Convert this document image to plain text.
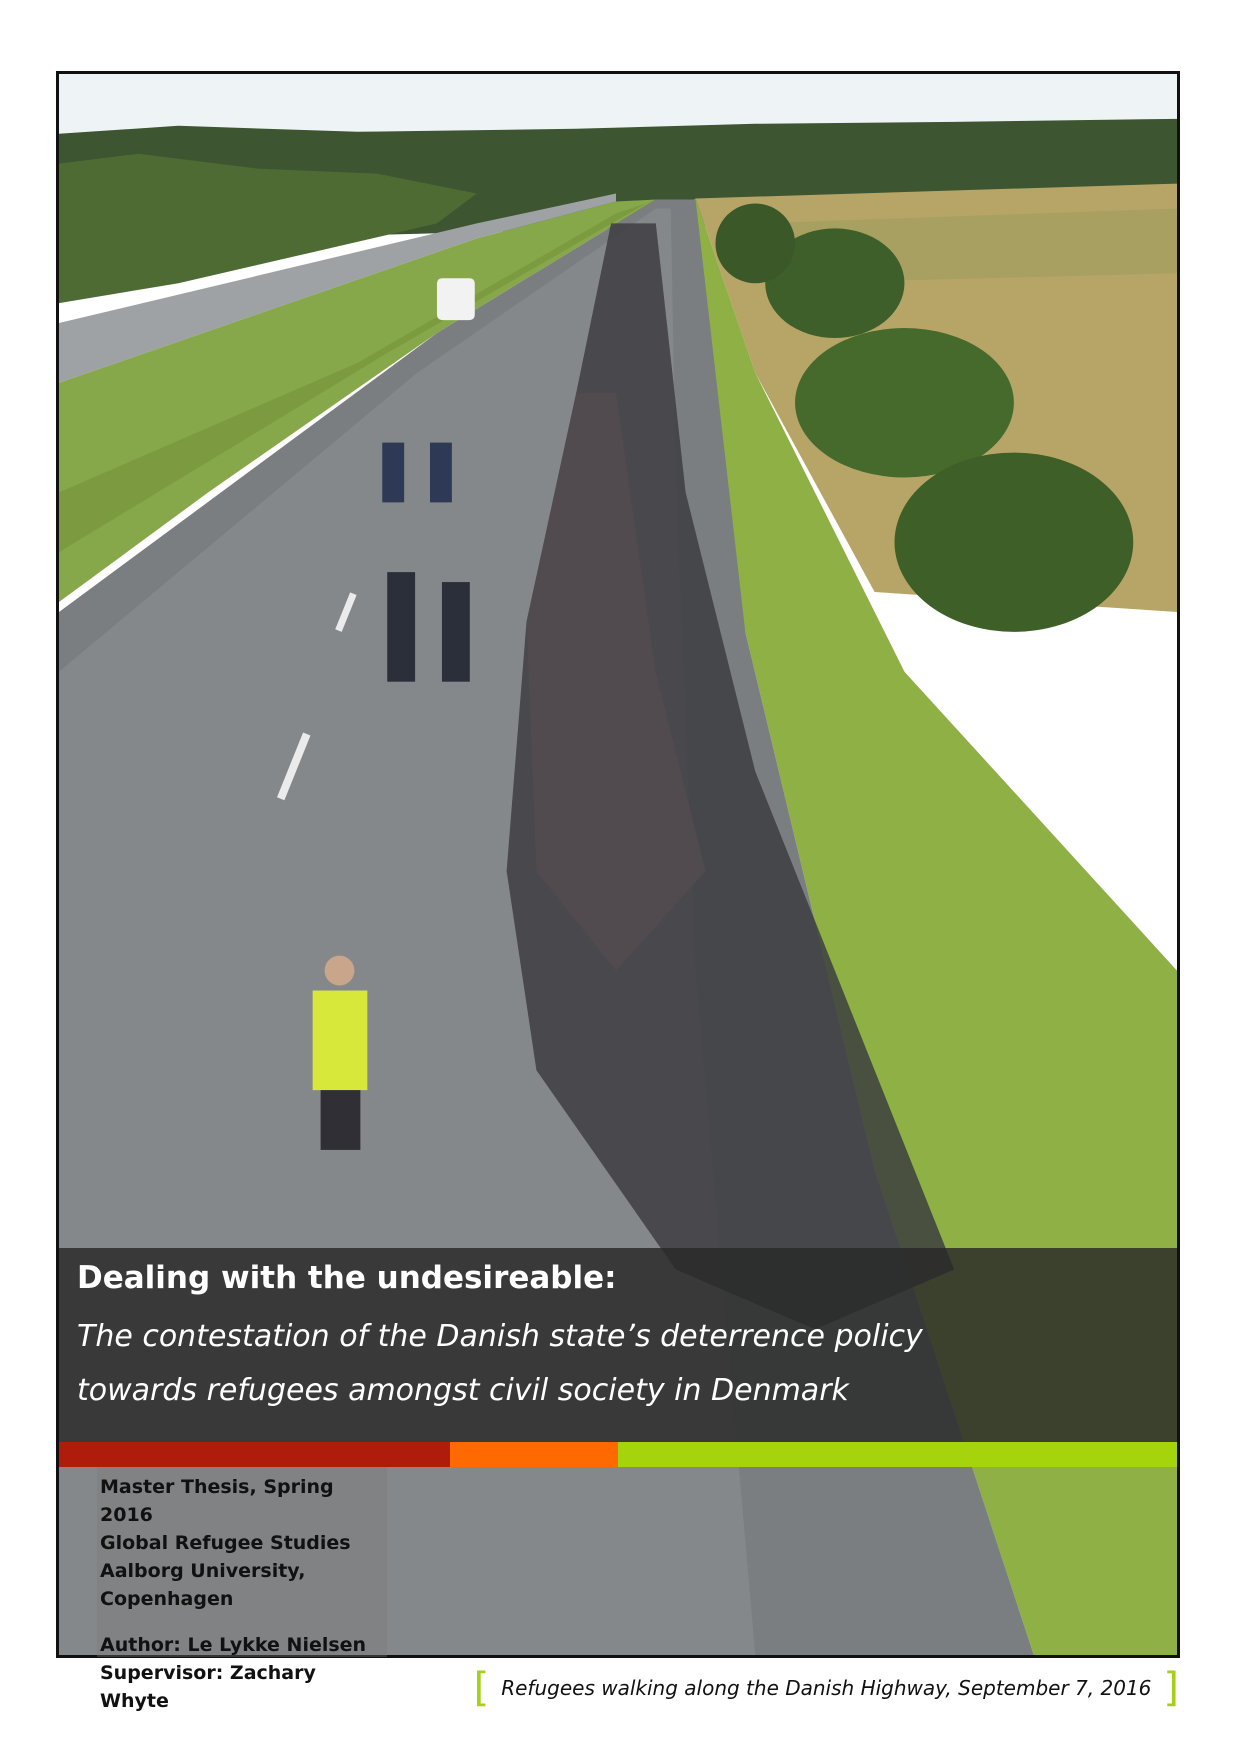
Dealing with the undesireable:

The contestation of the Danish state’s deterrence policy
towards refugees amongst civil society in Denmark

Master Thesis, Spring 2016
Global Refugee Studies
Aalborg University,
Copenhagen
Author: Le Lykke Nielsen
Supervisor: Zachary Whyte	[ Refugees walking along the Danish Highway, September 7, 2016 ]
